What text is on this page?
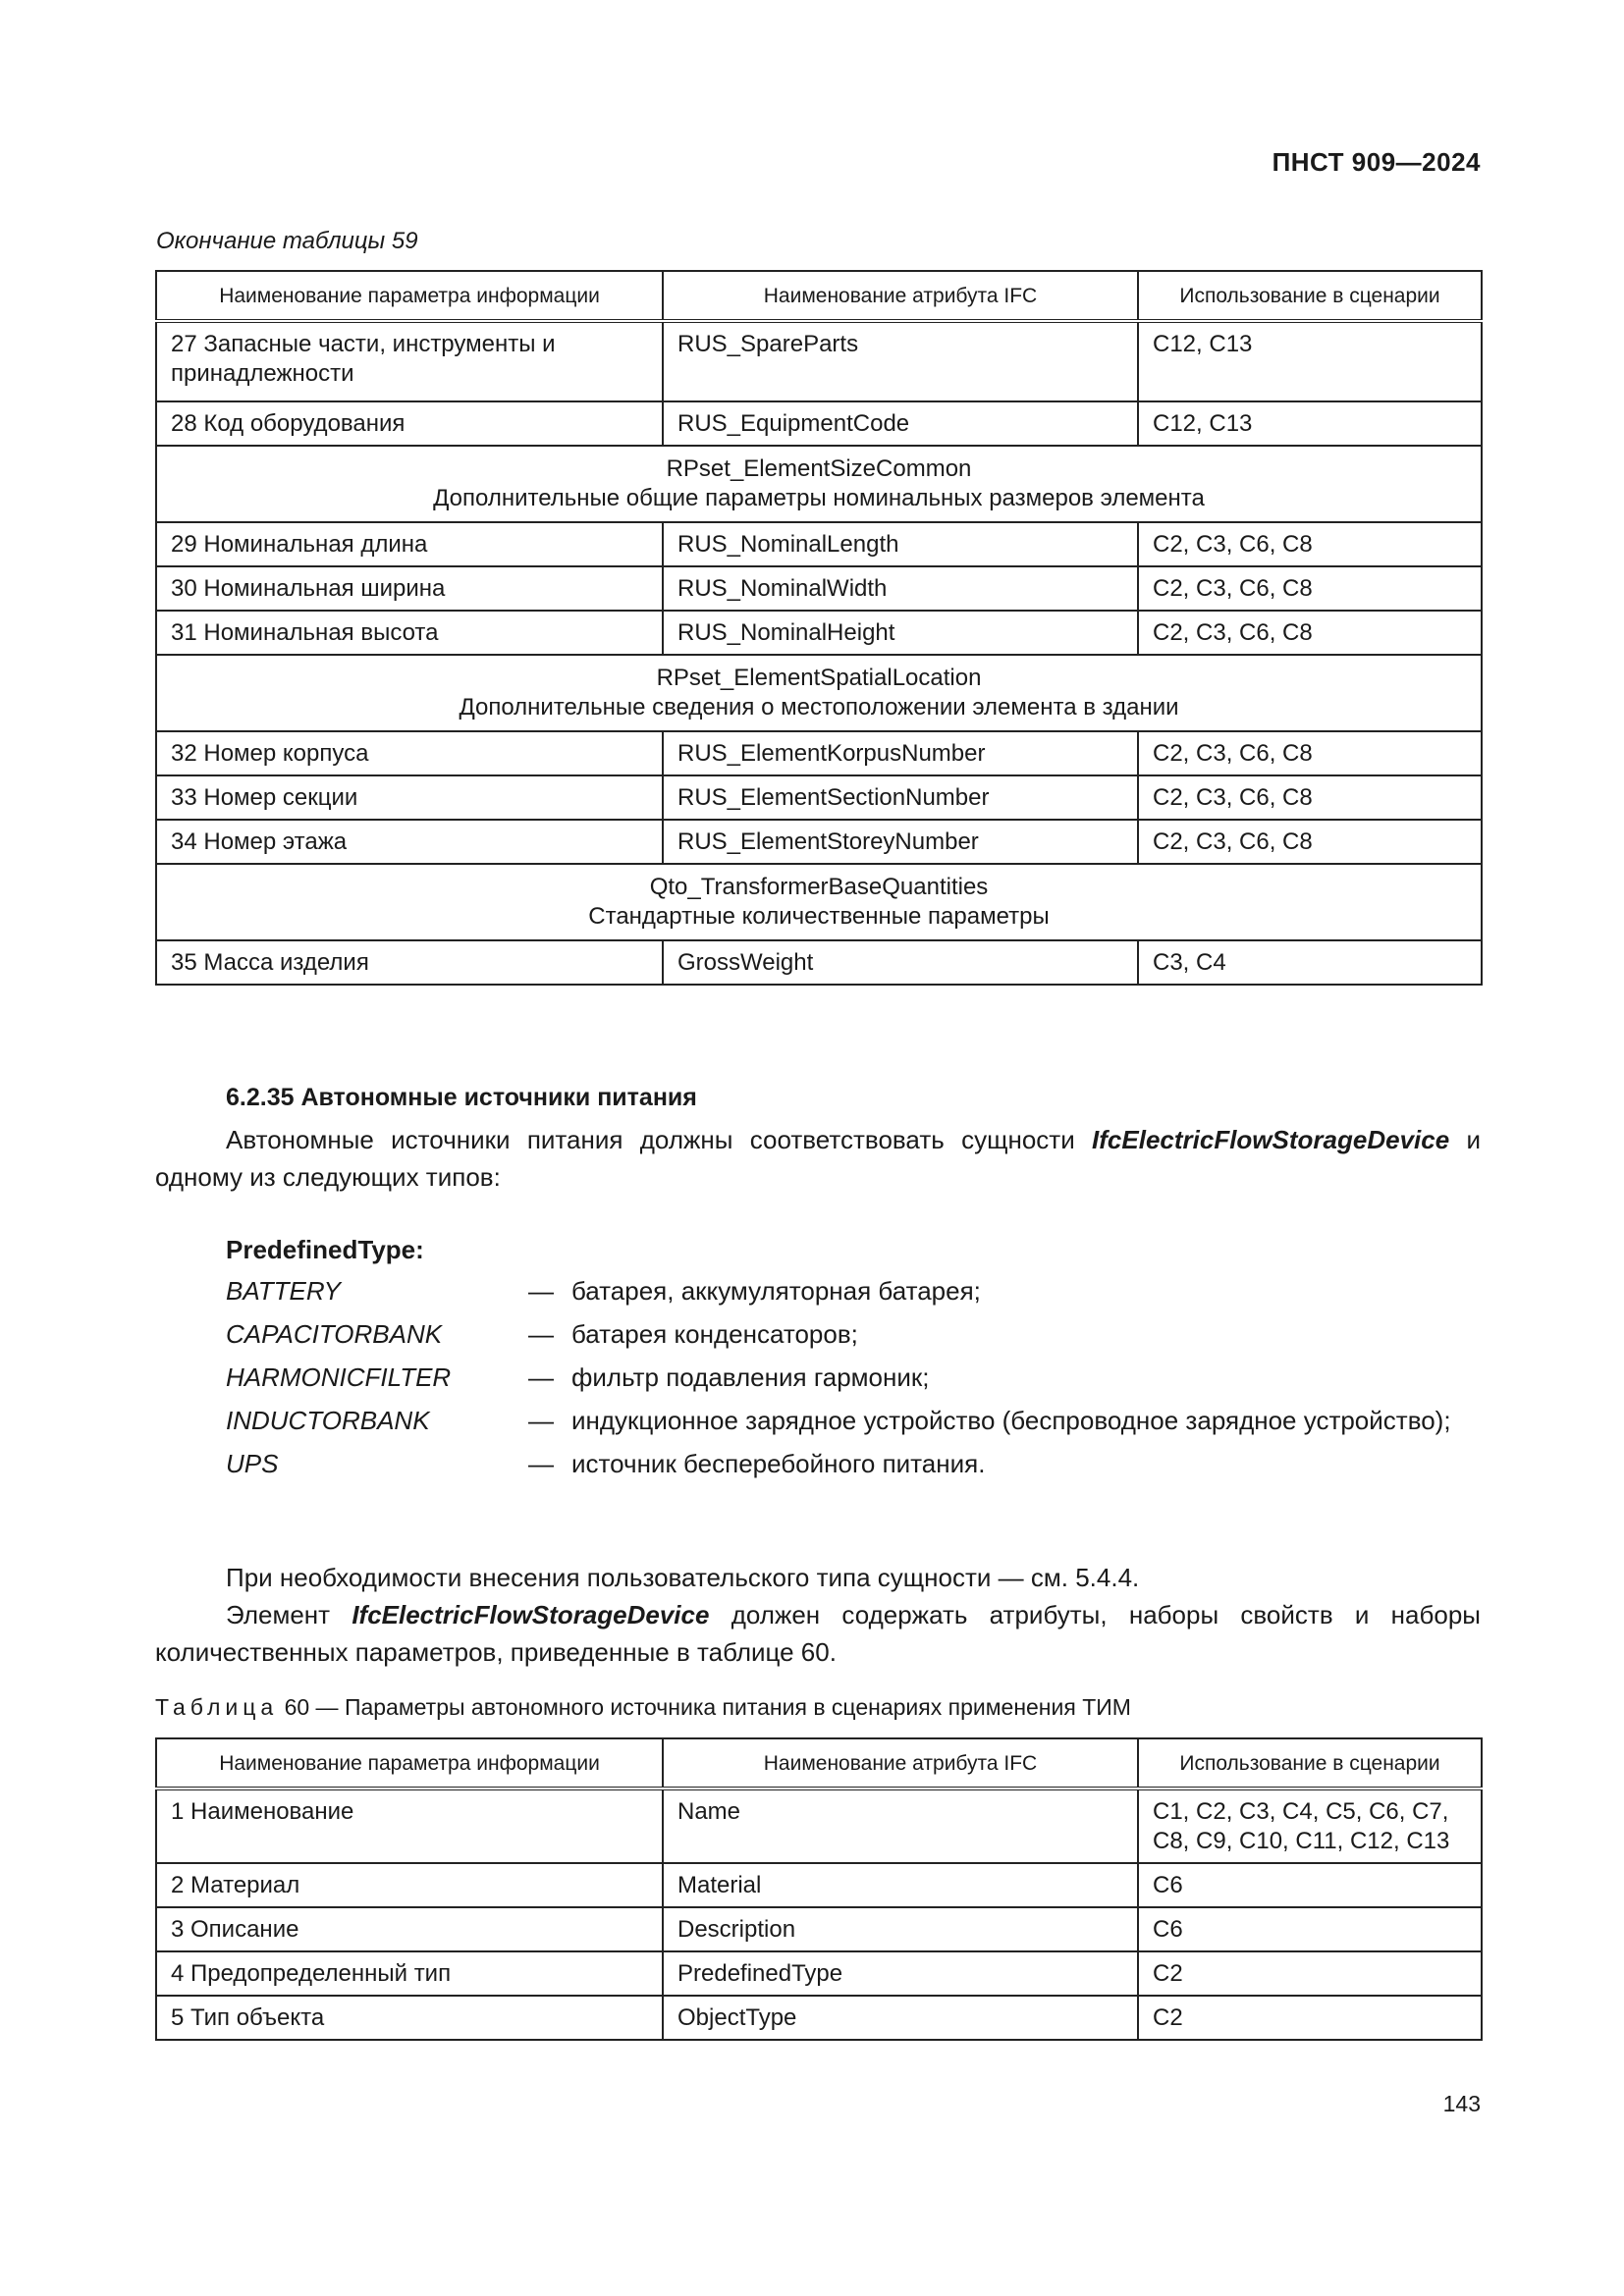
ПНСТ 909—2024
Окончание таблицы 59
Наименование параметра информации	Наименование атрибута IFC	Использование в сценарии
27 Запасные части, инструменты и принадлежности	RUS_SpareParts	C12, C13
28 Код оборудования	RUS_EquipmentCode	C12, C13

RPset_ElementSizeCommon
Дополнительные общие параметры номинальных размеров элемента		

29 Номинальная длина	RUS_NominalLength	C2, C3, C6, C8
30 Номинальная ширина	RUS_NominalWidth	C2, C3, C6, C8
31 Номинальная высота	RUS_NominalHeight	C2, C3, C6, C8

RPset_ElementSpatialLocation
Дополнительные сведения о местоположении элемента в здании		

32 Номер корпуса	RUS_ElementKorpusNumber	C2, C3, C6, C8
33 Номер секции	RUS_ElementSectionNumber	C2, C3, C6, C8
34 Номер этажа	RUS_ElementStoreyNumber	C2, C3, C6, C8

Qto_TransformerBaseQuantities
Стандартные количественные параметры		

35 Масса изделия	GrossWeight	C3, C4
6.2.35 Автономные источники питания
Автономные источники питания должны соответствовать сущности IfcElectricFlowStorageDevice и одному из следующих типов:
PredefinedType:
BATTERY	— батарея, аккумуляторная батарея;
CAPACITORBANK	— батарея конденсаторов;
HARMONICFILTER	— фильтр подавления гармоник;
INDUCTORBANK	— индукционное зарядное устройство (беспроводное зарядное устройство);
UPS	— источник бесперебойного питания.
При необходимости внесения пользовательского типа сущности — см. 5.4.4.
Элемент IfcElectricFlowStorageDevice должен содержать атрибуты, наборы свойств и наборы количественных параметров, приведенные в таблице 60.
Таблица 60 — Параметры автономного источника питания в сценариях применения ТИМ
Наименование параметра информации	Наименование атрибута IFC	Использование в сценарии
1 Наименование	Name	C1, C2, C3, C4, C5, C6, C7, C8, C9, C10, C11, C12, C13
2 Материал	Material	C6
3 Описание	Description	C6
4 Предопределенный тип	PredefinedType	C2
5 Тип объекта	ObjectType	C2
143
